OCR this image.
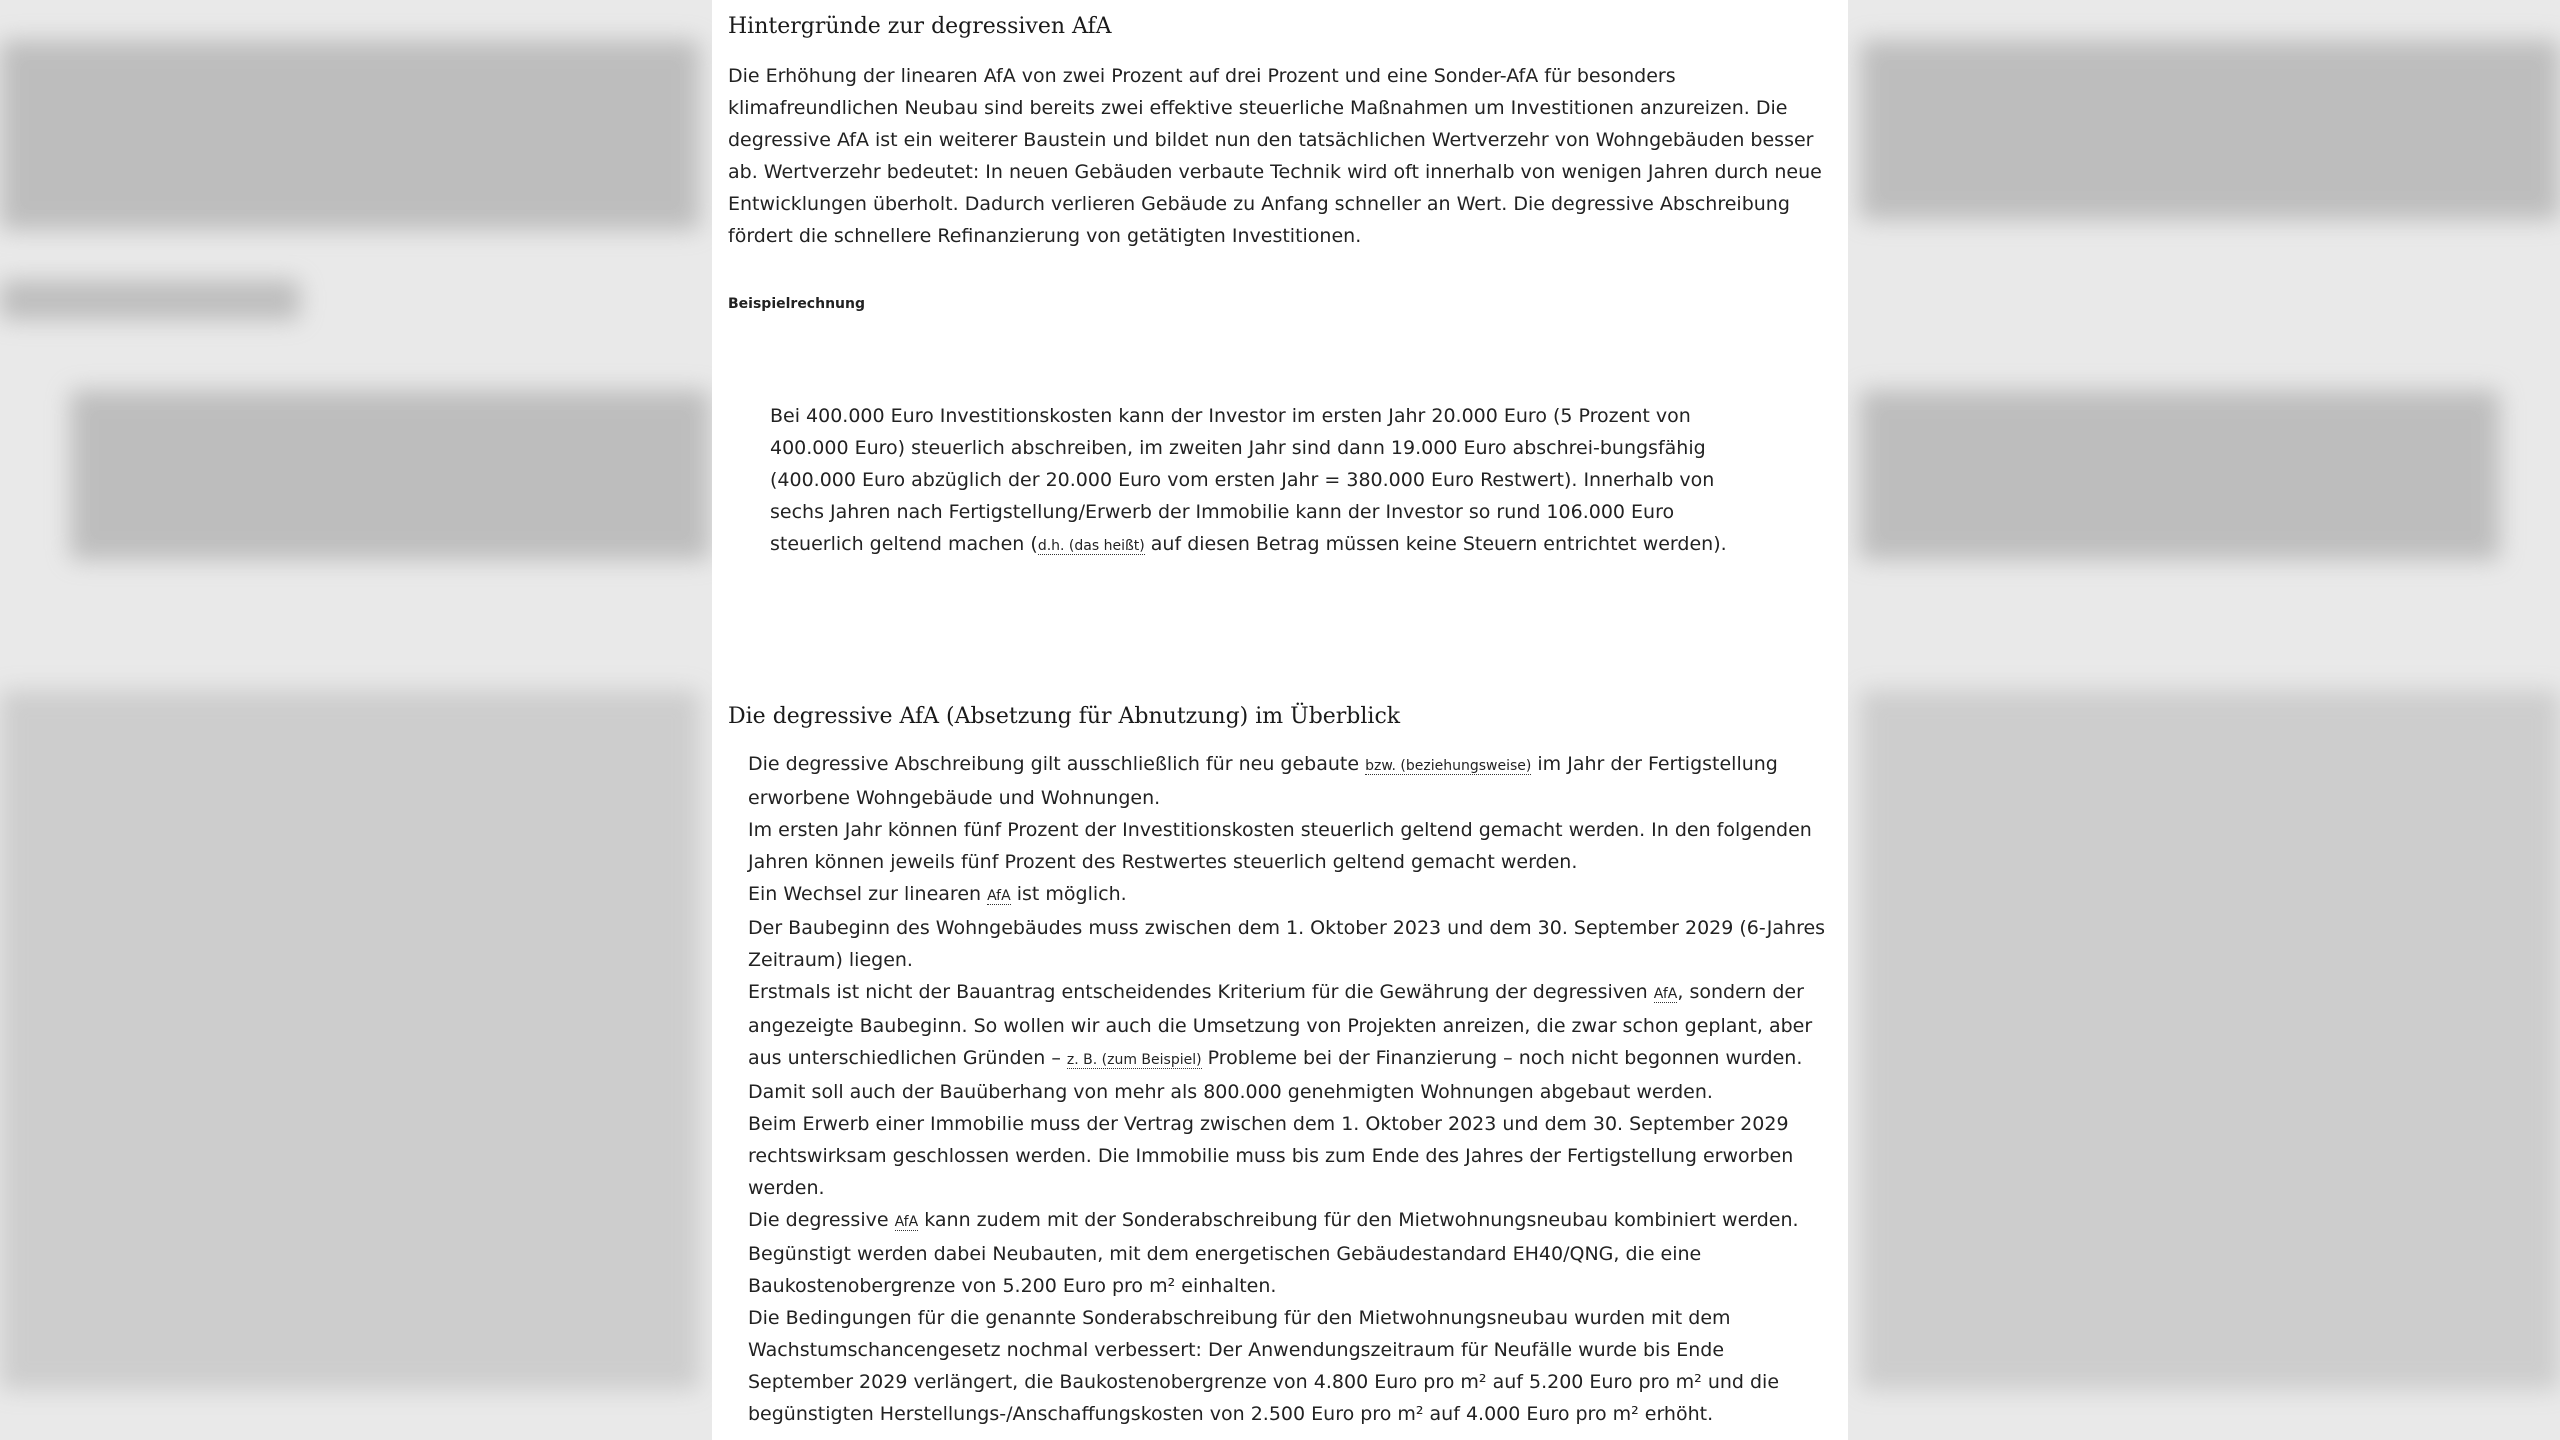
Hintergründe zur degressiven AfA

Die Erhöhung der linearen AfA von zwei Prozent auf drei Prozent und eine Sonder-AfA für besonders klimafreundlichen Neubau sind bereits zwei effektive steuerliche Maßnahmen um Investitionen anzureizen. Die degressive AfA ist ein weiterer Baustein und bildet nun den tatsächlichen Wertverzehr von Wohngebäuden besser ab. Wertverzehr bedeutet: In neuen Gebäuden verbaute Technik wird oft innerhalb von wenigen Jahren durch neue Entwicklungen überholt. Dadurch verlieren Gebäude zu Anfang schneller an Wert. Die degressive Abschreibung fördert die schnellere Refinanzierung von getätigten Investitionen.

Beispielrechnung

Bei 400.000 Euro Investitionskosten kann der Investor im ersten Jahr 20.000 Euro (5 Prozent von 400.000 Euro) steuerlich abschreiben, im zweiten Jahr sind dann 19.000 Euro abschrei-bungsfähig (400.000 Euro abzüglich der 20.000 Euro vom ersten Jahr = 380.000 Euro Restwert). Innerhalb von sechs Jahren nach Fertigstellung/Erwerb der Immobilie kann der Investor so rund 106.000 Euro steuerlich geltend machen (d.h. (das heißt) auf diesen Betrag müssen keine Steuern entrichtet werden).

Die degressive AfA (Absetzung für Abnutzung) im Überblick
Die degressive Abschreibung gilt ausschließlich für neu gebaute bzw. (beziehungsweise) im Jahr der Fertigstellung erworbene Wohngebäude und Wohnungen.
Im ersten Jahr können fünf Prozent der Investitionskosten steuerlich geltend gemacht werden. In den folgenden Jahren können jeweils fünf Prozent des Restwertes steuerlich geltend gemacht werden.
Ein Wechsel zur linearen AfA ist möglich.
Der Baubeginn des Wohngebäudes muss zwischen dem 1. Oktober 2023 und dem 30. September 2029 (6-Jahres Zeitraum) liegen.
Erstmals ist nicht der Bauantrag entscheidendes Kriterium für die Gewährung der degressiven AfA, sondern der angezeigte Baubeginn. So wollen wir auch die Umsetzung von Projekten anreizen, die zwar schon geplant, aber aus unterschiedlichen Gründen – z. B. (zum Beispiel) Probleme bei der Finanzierung – noch nicht begonnen wurden. Damit soll auch der Bauüberhang von mehr als 800.000 genehmigten Wohnungen abgebaut werden.
Beim Erwerb einer Immobilie muss der Vertrag zwischen dem 1. Oktober 2023 und dem 30. September 2029 rechtswirksam geschlossen werden. Die Immobilie muss bis zum Ende des Jahres der Fertigstellung erworben werden.
Die degressive AfA kann zudem mit der Sonderabschreibung für den Mietwohnungsneubau kombiniert werden. Begünstigt werden dabei Neubauten, mit dem energetischen Gebäudestandard EH40/QNG, die eine Baukostenobergrenze von 5.200 Euro pro m² einhalten.
Die Bedingungen für die genannte Sonderabschreibung für den Mietwohnungsneubau wurden mit dem Wachstumschancengesetz nochmal verbessert: Der Anwendungszeitraum für Neufälle wurde bis Ende September 2029 verlängert, die Baukostenobergrenze von 4.800 Euro pro m² auf 5.200 Euro pro m² und die begünstigten Herstellungs-/Anschaffungskosten von 2.500 Euro pro m² auf 4.000 Euro pro m² erhöht.
